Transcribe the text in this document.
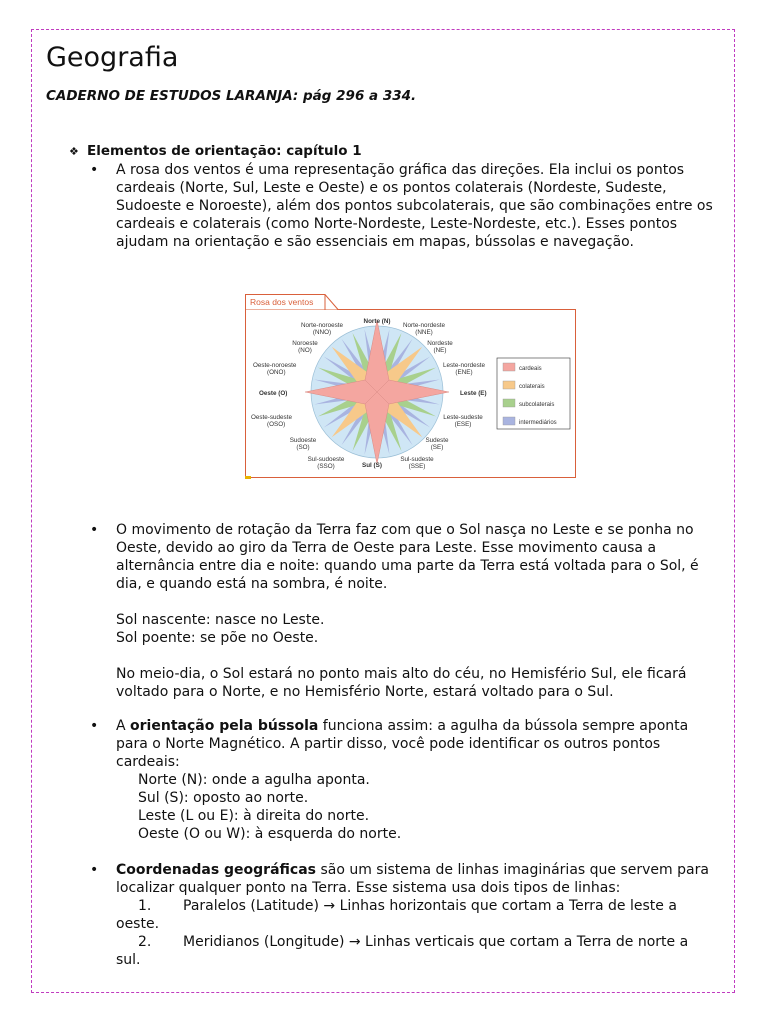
Geografia
CADERNO DE ESTUDOS LARANJA: pág 296 a 334.
❖ Elementos de orientação: capítulo 1
• A rosa dos ventos é uma representação gráfica das direções. Ela inclui os pontos cardeais (Norte, Sul, Leste e Oeste) e os pontos colaterais (Nordeste, Sudeste, Sudoeste e Noroeste), além dos pontos subcolaterais, que são combinações entre os cardeais e colaterais (como Norte-Nordeste, Leste-Nordeste, etc.). Esses pontos ajudam na orientação e são essenciais em mapas, bússolas e navegação.
Rosa dos ventos
Norte (N)
Norte-noroeste
(NNO)
Norte-nordeste
(NNE)
Noroeste
(NO)
Nordeste
(NE)
Oeste-noroeste
(ONO)
Leste-nordeste
(ENE)
Oeste (O)	Leste (E)
Oeste-sudeste
(OSO)
Leste-sudeste
(ESE)
Sudoeste
(SO)
Sudeste
(SE)
Sul-sudoeste
(SSO)	Sul (S)
Sul-sudeste
(SSE)
cardeais
colaterais
subcolaterais
intermediários
• O movimento de rotação da Terra faz com que o Sol nasça no Leste e se ponha no Oeste, devido ao giro da Terra de Oeste para Leste. Esse movimento causa a alternância entre dia e noite: quando uma parte da Terra está voltada para o Sol, é dia, e quando está na sombra, é noite.

Sol nascente: nasce no Leste.

Sol poente: se põe no Oeste.

No meio-dia, o Sol estará no ponto mais alto do céu, no Hemisfério Sul, ele ficará voltado para o Norte, e no Hemisfério Norte, estará voltado para o Sul.

• A orientação pela bússola funciona assim: a agulha da bússola sempre aponta para o Norte Magnético. A partir disso, você pode identificar os outros pontos cardeais:

Norte (N): onde a agulha aponta.

Sul (S): oposto ao norte.

Leste (L ou E): à direita do norte.

Oeste (O ou W): à esquerda do norte.

• Coordenadas geográficas são um sistema de linhas imaginárias que servem para localizar qualquer ponto na Terra. Esse sistema usa dois tipos de linhas:

1. Paralelos (Latitude) → Linhas horizontais que cortam a Terra de leste a oeste.

2. Meridianos (Longitude) → Linhas verticais que cortam a Terra de norte a sul.
